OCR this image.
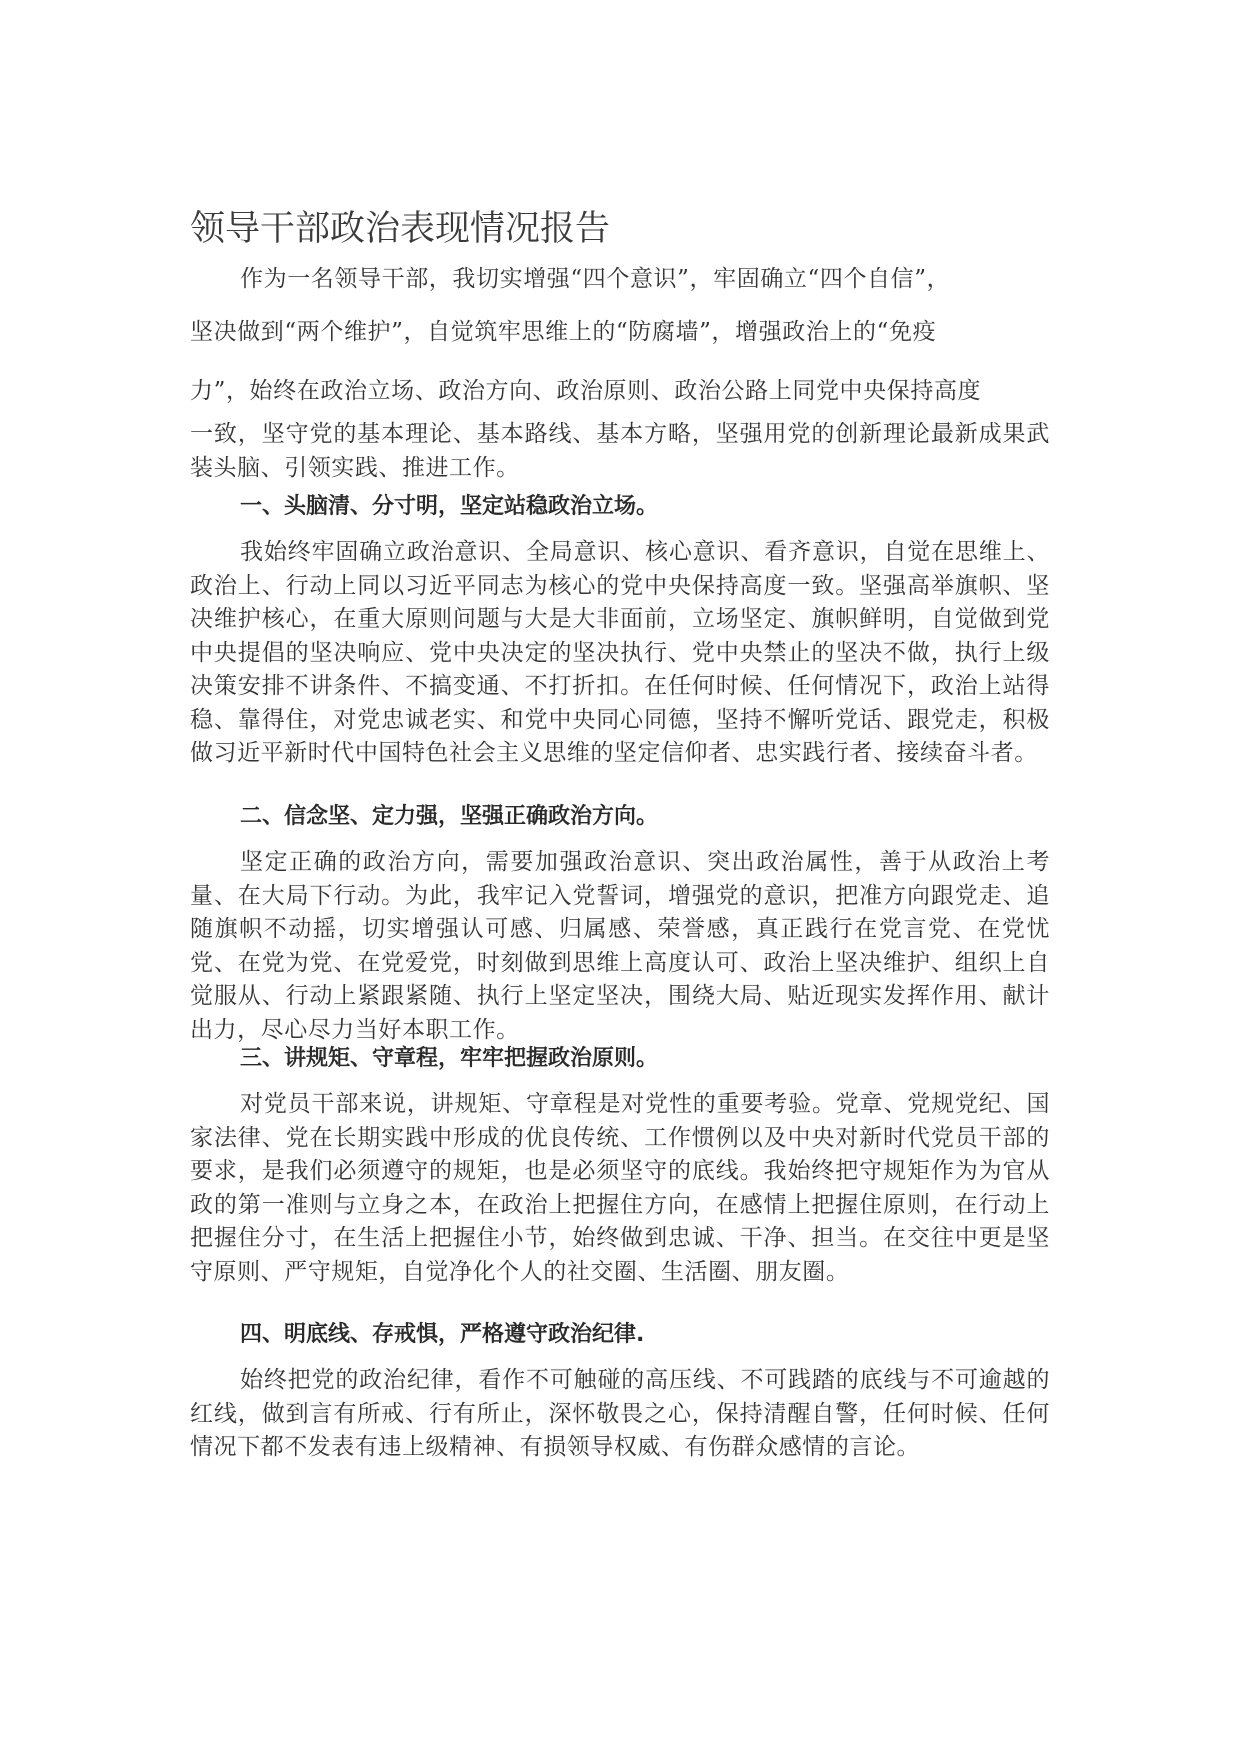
领导干部政治表现情况报告
作为一名领导干部，我切实增强“四个意识”，牢固确立“四个自信”，
坚决做到“两个维护”，自觉筑牢思维上的“防腐墙”，增强政治上的“免疫
力”，始终在政治立场、政治方向、政治原则、政治公路上同党中央保持高度

一致，坚守党的基本理论、基本路线、基本方略，坚强用党的创新理论最新成果武装头脑、引领实践、推进工作。

一、头脑清、分寸明，坚定站稳政治立场。

我始终牢固确立政治意识、全局意识、核心意识、看齐意识，自觉在思维上、政治上、行动上同以习近平同志为核心的党中央保持高度一致。坚强高举旗帜、坚决维护核心，在重大原则问题与大是大非面前，立场坚定、旗帜鲜明，自觉做到党中央提倡的坚决响应、党中央决定的坚决执行、党中央禁止的坚决不做，执行上级决策安排不讲条件、不搞变通、不打折扣。在任何时候、任何情况下，政治上站得稳、靠得住，对党忠诚老实、和党中央同心同德，坚持不懈听党话、跟党走，积极做习近平新时代中国特色社会主义思维的坚定信仰者、忠实践行者、接续奋斗者。

二、信念坚、定力强，坚强正确政治方向。

坚定正确的政治方向，需要加强政治意识、突出政治属性，善于从政治上考量、在大局下行动。为此，我牢记入党誓词，增强党的意识，把准方向跟党走、追随旗帜不动摇，切实增强认可感、归属感、荣誉感，真正践行在党言党、在党忧党、在党为党、在党爱党，时刻做到思维上高度认可、政治上坚决维护、组织上自觉服从、行动上紧跟紧随、执行上坚定坚决，围绕大局、贴近现实发挥作用、献计出力，尽心尽力当好本职工作。

三、讲规矩、守章程，牢牢把握政治原则。

对党员干部来说，讲规矩、守章程是对党性的重要考验。党章、党规党纪、国家法律、党在长期实践中形成的优良传统、工作惯例以及中央对新时代党员干部的要求，是我们必须遵守的规矩，也是必须坚守的底线。我始终把守规矩作为为官从政的第一准则与立身之本，在政治上把握住方向，在感情上把握住原则，在行动上把握住分寸，在生活上把握住小节，始终做到忠诚、干净、担当。在交往中更是坚守原则、严守规矩，自觉净化个人的社交圈、生活圈、朋友圈。

四、明底线、存戒惧，严格遵守政治纪律.

始终把党的政治纪律，看作不可触碰的高压线、不可践踏的底线与不可逾越的红线，做到言有所戒、行有所止，深怀敬畏之心，保持清醒自警，任何时候、任何情况下都不发表有违上级精神、有损领导权威、有伤群众感情的言论。
